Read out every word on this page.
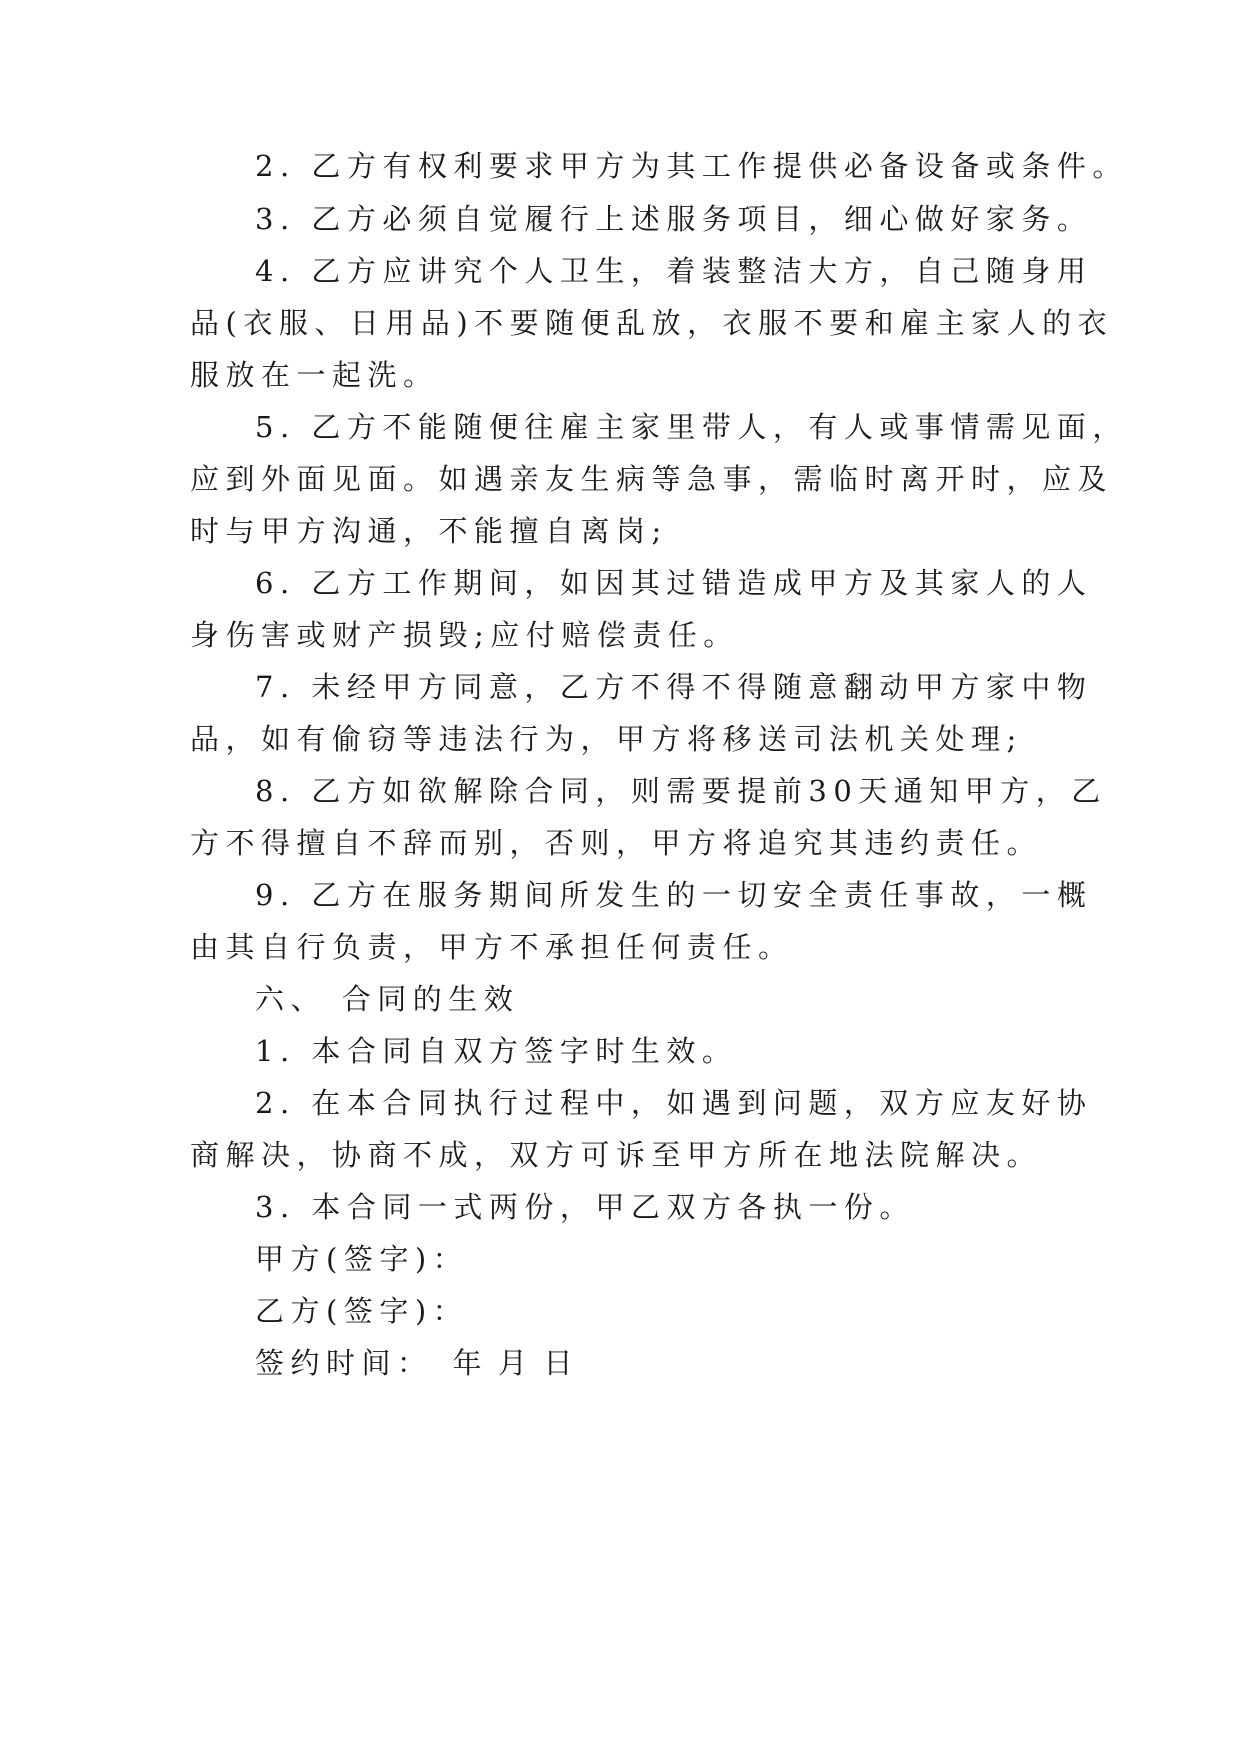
2. 乙方有权利要求甲方为其工作提供必备设备或条件。
3. 乙方必须自觉履行上述服务项目，细心做好家务。
4. 乙方应讲究个人卫生，着装整洁大方，自己随身用
品(衣服、日用品)不要随便乱放，衣服不要和雇主家人的衣
服放在一起洗。
5. 乙方不能随便往雇主家里带人，有人或事情需见面，
应到外面见面。如遇亲友生病等急事，需临时离开时，应及
时与甲方沟通，不能擅自离岗;
6. 乙方工作期间，如因其过错造成甲方及其家人的人
身伤害或财产损毁;应付赔偿责任。
7. 未经甲方同意，乙方不得不得随意翻动甲方家中物
品，如有偷窃等违法行为，甲方将移送司法机关处理;
8. 乙方如欲解除合同，则需要提前30天通知甲方，乙
方不得擅自不辞而别，否则，甲方将追究其违约责任。
9. 乙方在服务期间所发生的一切安全责任事故，一概
由其自行负责，甲方不承担任何责任。
六、 合同的生效
1. 本合同自双方签字时生效。
2. 在本合同执行过程中，如遇到问题，双方应友好协
商解决，协商不成，双方可诉至甲方所在地法院解决。
3. 本合同一式两份，甲乙双方各执一份。
甲方(签字)：
乙方(签字)：
签约时间： 年 月 日
